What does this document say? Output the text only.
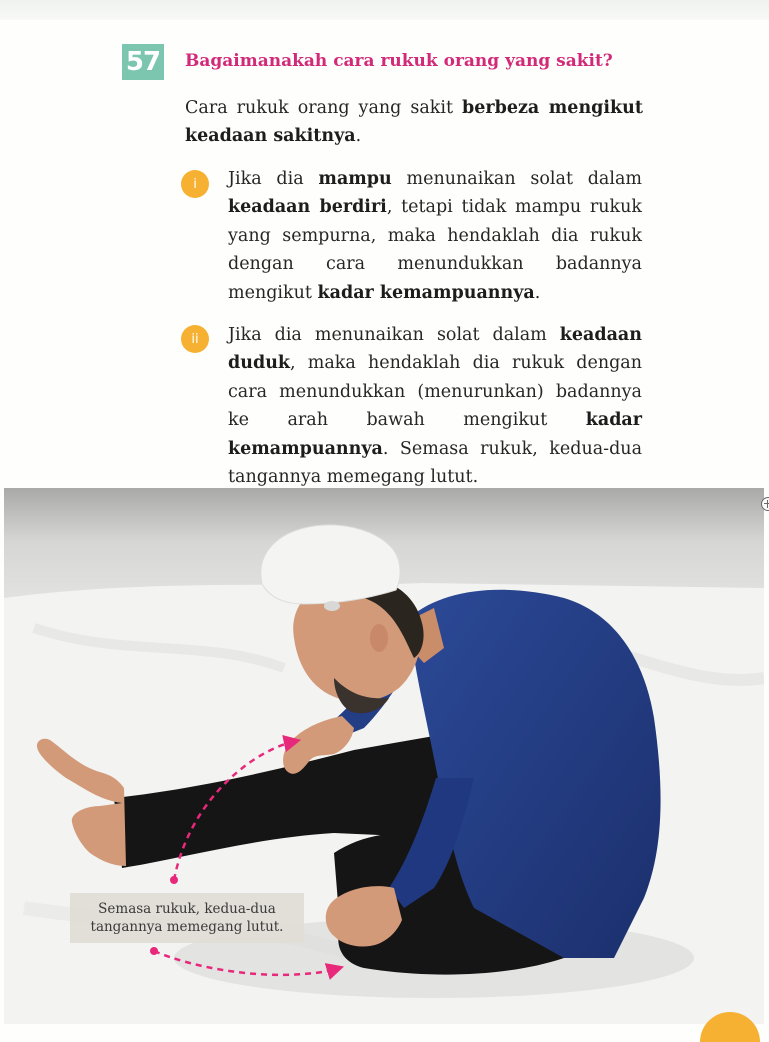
57 Bagaimanakah cara rukuk orang yang sakit?
Cara rukuk orang yang sakit berbeza mengikut keadaan sakitnya.
i	Jika dia mampu menunaikan solat dalam keadaan berdiri, tetapi tidak mampu rukuk yang sempurna, maka hendaklah dia rukuk dengan cara menundukkan badannya mengikut kadar kemampuannya.
ii	Jika dia menunaikan solat dalam keadaan duduk, maka hendaklah dia rukuk dengan cara menundukkan (menurunkan) badannya ke arah bawah mengikut kadar kemampuannya. Semasa rukuk, kedua-dua tangannya memegang lutut.
Semasa rukuk, kedua-dua
tangannya memegang lutut.
